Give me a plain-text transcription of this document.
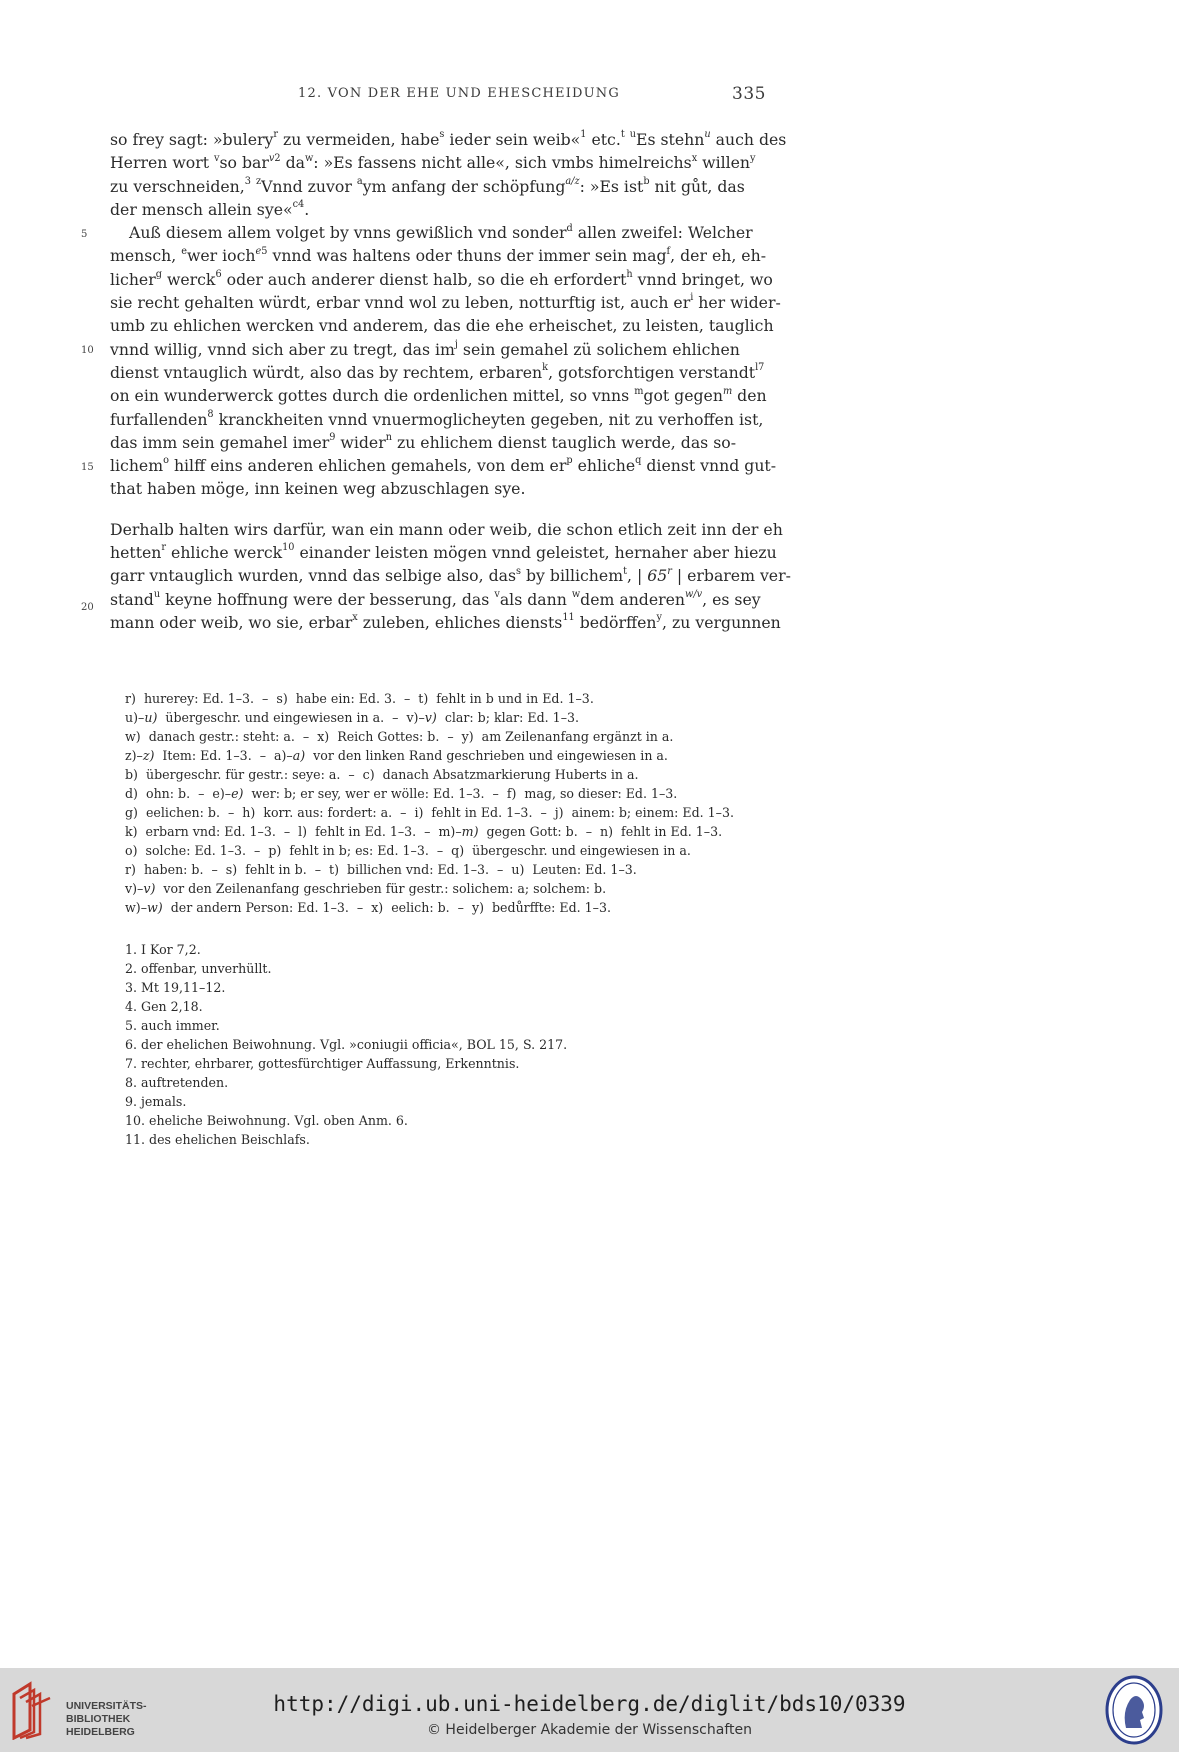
12. VON DER EHE UND EHESCHEIDUNG	335
so frey sagt: »bulery$^r$ zu vermeiden, habe$^s$ ieder sein weib«$^1$ etc.$^t$ $^u$Es stehn$^u$ auch des
Herren wort $^v$so bar$^{v2}$ $da^w$: »Es fassens nicht alle«, sich vmbs himelreichs$^x$ willen$^y$
zu verschneiden,$^3$ $^z$Vnnd zuvor $^a$ym anfang der schöpfung$^{a/z}$: »Es ist$^b$ nit gůt, das
der mensch allein sye«$^{c4}$.
Auß diesem allem volget by vnns gewißlich vnd sonder$^d$ allen zweifel: Welcher
mensch, $^e$wer ioch$^{e5}$ vnnd was haltens oder thuns der immer sein mag$^f$, der eh, eh-
licher$^g$ werck$^6$ oder auch anderer dienst halb, so die eh erfordert$^h$ vnnd bringet, wo
sie recht gehalten würdt, erbar vnnd wol zu leben, notturftig ist, auch $er^i$ her wider-
umb zu ehlichen wercken vnd anderem, das die ehe erheischet, zu leisten, tauglich
vnnd willig, vnnd sich aber zu tregt, das $im^j$ sein gemahel zü solichem ehlichen
dienst vntauglich würdt, also das by rechtem, erbaren$^k$, gotsforchtigen verstandt$^{l7}$
on ein wunderwerck gottes durch die ordenlichen mittel, so vnns $^m$got gegen$^m$ den
furfallenden$^8$ kranckheiten vnnd vnuermoglicheyten gegeben, nit zu verhoffen ist,
das imm sein gemahel imer$^9$ wider$^n$ zu ehlichem dienst tauglich werde, das so-
lichem$^o$ hilff eins anderen ehlichen gemahels, von dem $er^p$ ehliche$^q$ dienst vnnd gut-
that haben möge, inn keinen weg abzuschlagen sye.
Derhalb halten wirs darfür, wan ein mann oder weib, die schon etlich zeit inn der eh
hetten$^r$ ehliche werck$^{10}$ einander leisten mögen vnnd geleistet, hernaher aber hiezu
garr vntauglich wurden, vnnd das selbige also, das$^s$ by billichem$^t$, | 65$^r$ | erbarem ver-
stand$^u$ keyne hoffnung were der besserung, das $^v$als dann $^w$dem anderen$^{w/v}$, es sey
mann oder weib, wo sie, erbar$^x$ zuleben, ehliches diensts$^{11}$ bedörffen$^y$, zu vergunnen
5
10
15
20
r)  hurerey: Ed. 1–3.  –  s)  habe ein: Ed. 3.  –  t)  fehlt in b und in Ed. 1–3.
u)–u)  übergeschr. und eingewiesen in a.  –  v)–v)  clar: b; klar: Ed. 1–3.
w)  danach gestr.: steht: a.  –  x)  Reich Gottes: b.  –  y)  am Zeilenanfang ergänzt in a.
z)–z)  Item: Ed. 1–3.  –  a)–a)  vor den linken Rand geschrieben und eingewiesen in a.
b)  übergeschr. für gestr.: seye: a.  –  c)  danach Absatzmarkierung Huberts in a.
d)  ohn: b.  –  e)–e)  wer: b; er sey, wer er wölle: Ed. 1–3.  –  f)  mag, so dieser: Ed. 1–3.
g)  eelichen: b.  –  h)  korr. aus: fordert: a.  –  i)  fehlt in Ed. 1–3.  –  j)  ainem: b; einem: Ed. 1–3.
k)  erbarn vnd: Ed. 1–3.  –  l)  fehlt in Ed. 1–3.  –  m)–m)  gegen Gott: b.  –  n)  fehlt in Ed. 1–3.
o)  solche: Ed. 1–3.  –  p)  fehlt in b; es: Ed. 1–3.  –  q)  übergeschr. und eingewiesen in a.
r)  haben: b.  –  s)  fehlt in b.  –  t)  billichen vnd: Ed. 1–3.  –  u)  Leuten: Ed. 1–3.
v)–v)  vor den Zeilenanfang geschrieben für gestr.: solichem: a; solchem: b.
w)–w)  der andern Person: Ed. 1–3.  –  x)  eelich: b.  –  y)  bedůrffte: Ed. 1–3.
1. I Kor 7,2.
2. offenbar, unverhüllt.
3. Mt 19,11–12.
4. Gen 2,18.
5. auch immer.
6. der ehelichen Beiwohnung. Vgl. »coniugii officia«, BOL 15, S. 217.
7. rechter, ehrbarer, gottesfürchtiger Auffassung, Erkenntnis.
8. auftretenden.
9. jemals.
10. eheliche Beiwohnung. Vgl. oben Anm. 6.
11. des ehelichen Beischlafs.
UNIVERSITÄTS-
BIBLIOTHEK
HEIDELBERG
http://digi.ub.uni-heidelberg.de/diglit/bds10/0339
© Heidelberger Akademie der Wissenschaften
